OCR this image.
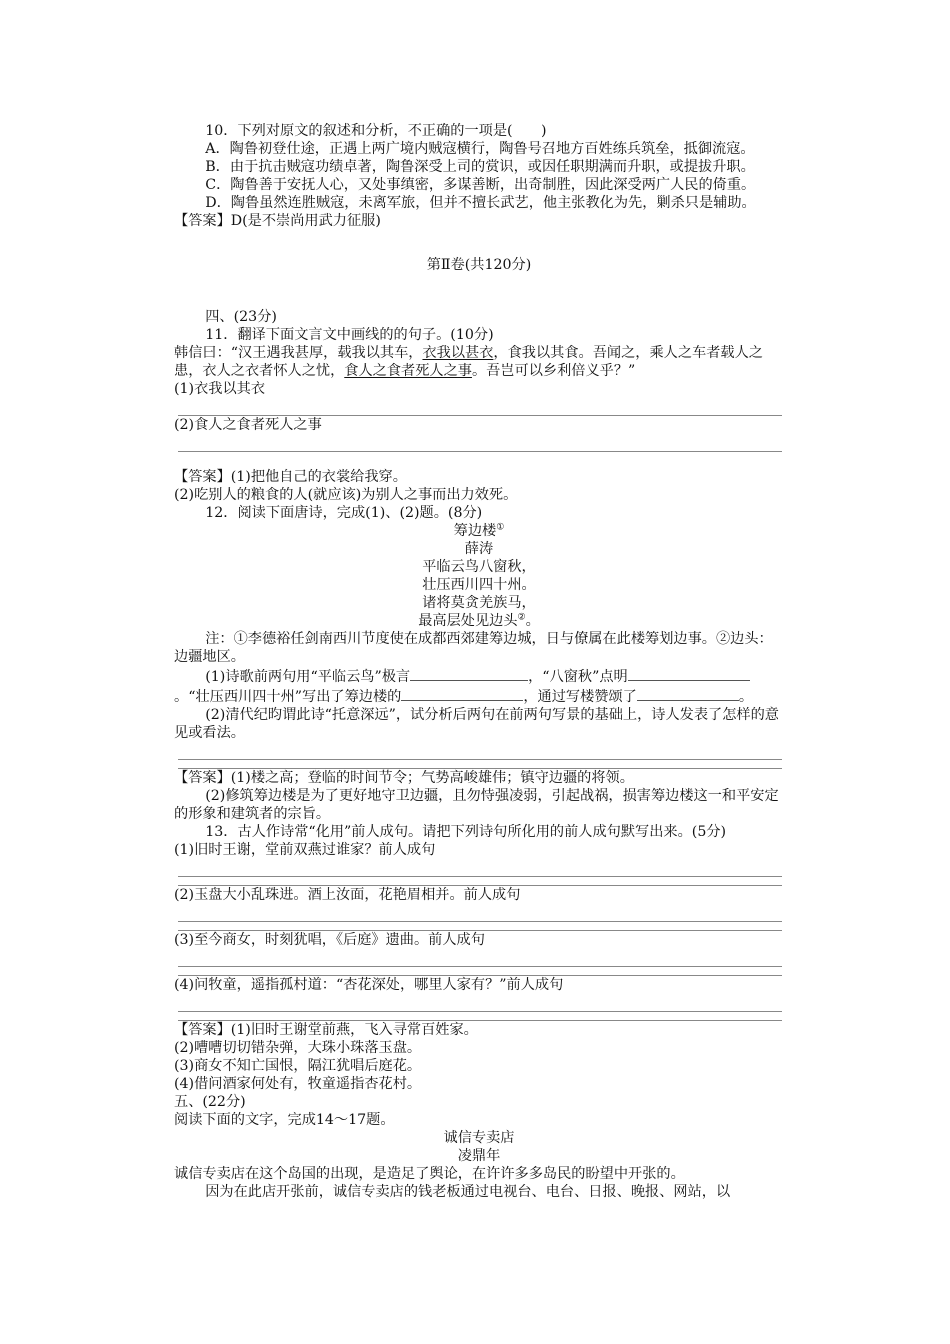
10．下列对原文的叙述和分析，不正确的一项是(　　)

A．陶鲁初登仕途，正遇上两广境内贼寇横行，陶鲁号召地方百姓练兵筑垒，抵御流寇。

B．由于抗击贼寇功绩卓著，陶鲁深受上司的赏识，或因任职期满而升职，或提拔升职。

C．陶鲁善于安抚人心，又处事缜密，多谋善断，出奇制胜，因此深受两广人民的倚重。

D．陶鲁虽然连胜贼寇，未离军旅，但并不擅长武艺，他主张教化为先，剿杀只是辅助。

【答案】D(是不崇尚用武力征服)

第Ⅱ卷(共120分)

四、(23分)

11．翻译下面文言文中画线的的句子。(10分)

韩信曰：“汉王遇我甚厚，载我以其车，衣我以甚衣，食我以其食。吾闻之，乘人之车者载人之患，衣人之衣者怀人之忧，食人之食者死人之事。吾岂可以乡利倍义乎？”

(1)衣我以其衣

(2)食人之食者死人之事

【答案】(1)把他自己的衣裳给我穿。

(2)吃别人的粮食的人(就应该)为别人之事而出力效死。

12．阅读下面唐诗，完成(1)、(2)题。(8分)

筹边楼①

薛涛

平临云鸟八窗秋，

壮压西川四十州。

诸将莫贪羌族马，

最高层处见边头②。

注：①李德裕任剑南西川节度使在成都西郊建筹边城，日与僚属在此楼筹划边事。②边头：边疆地区。

(1)诗歌前两句用“平临云鸟”极言	，“八窗秋”点明。“壮压西川四十州”写出了筹边楼的	，通过写楼赞颂了	。

(2)清代纪昀谓此诗“托意深远”，试分析后两句在前两句写景的基础上，诗人发表了怎样的意见或看法。

【答案】(1)楼之高；登临的时间节令；气势高峻雄伟；镇守边疆的将领。

(2)修筑筹边楼是为了更好地守卫边疆，且勿恃强凌弱，引起战祸，损害筹边楼这一和平安定的形象和建筑者的宗旨。

13．古人作诗常“化用”前人成句。请把下列诗句所化用的前人成句默写出来。(5分)

(1)旧时王谢，堂前双燕过谁家？前人成句

(2)玉盘大小乱珠进。酒上汝面，花艳眉相并。前人成句

(3)至今商女，时刻犹唱，《后庭》遗曲。前人成句

(4)问牧童，遥指孤村道：“杏花深处，哪里人家有？”前人成句

【答案】(1)旧时王谢堂前燕，飞入寻常百姓家。

(2)嘈嘈切切错杂弹，大珠小珠落玉盘。

(3)商女不知亡国恨，隔江犹唱后庭花。

(4)借问酒家何处有，牧童遥指杏花村。

五、(22分)

阅读下面的文字，完成14～17题。

诚信专卖店

凌鼎年

诚信专卖店在这个岛国的出现，是造足了舆论，在许许多多岛民的盼望中开张的。

因为在此店开张前，诚信专卖店的钱老板通过电视台、电台、日报、晚报、网站，以
